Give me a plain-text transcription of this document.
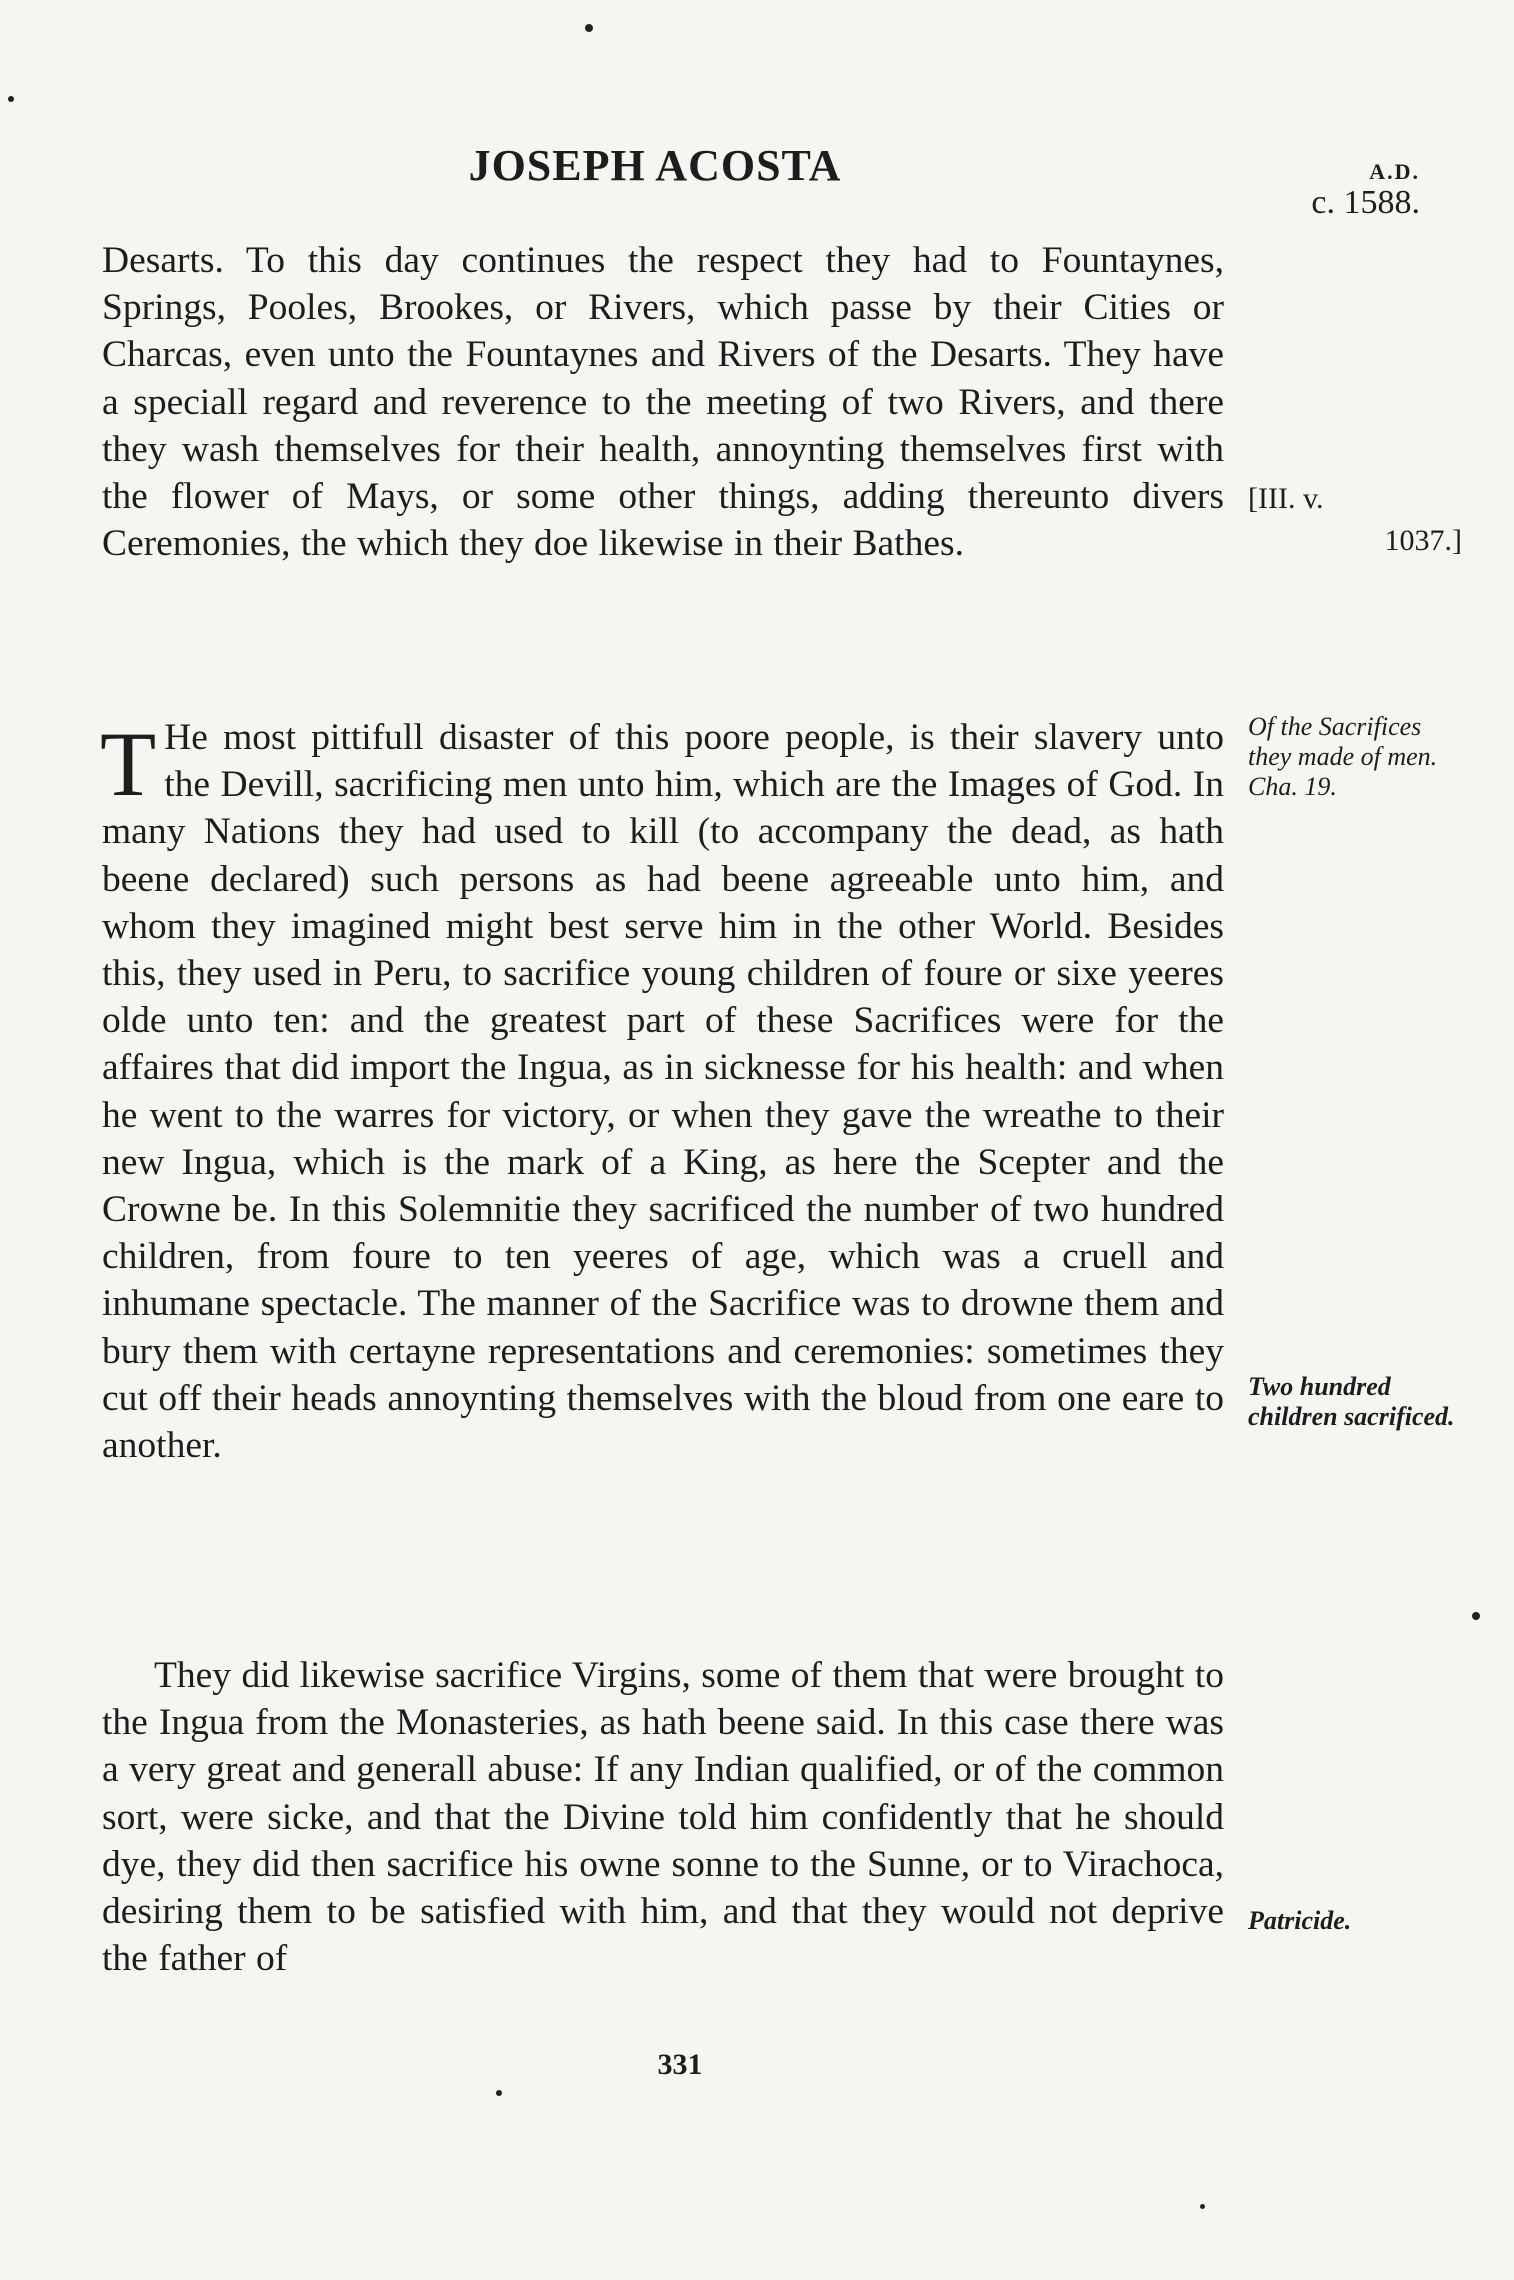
JOSEPH ACOSTA	A.D.
c. 1588.

Desarts. To this day continues the respect they had to Fountaynes, Springs, Pooles, Brookes, or Rivers, which passe by their Cities or Charcas, even unto the Fountaynes and Rivers of the Desarts. They have a speciall regard and reverence to the meeting of two Rivers, and there they wash themselves for their health, annoynting themselves first with the flower of Mays, or some other things, adding thereunto divers Ceremonies, the which they doe likewise in their Bathes.

T He most pittifull disaster of this poore people, is their slavery unto the Devill, sacrificing men unto him, which are the Images of God. In many Nations they had used to kill (to accompany the dead, as hath beene declared) such persons as had beene agreeable unto him, and whom they imagined might best serve him in the other World. Besides this, they used in Peru, to sacrifice young children of foure or sixe yeeres olde unto ten: and the greatest part of these Sacrifices were for the affaires that did import the Ingua, as in sicknesse for his health: and when he went to the warres for victory, or when they gave the wreathe to their new Ingua, which is the mark of a King, as here the Scepter and the Crowne be. In this Solemnitie they sacrificed the number of two hundred children, from foure to ten yeeres of age, which was a cruell and inhumane spectacle. The manner of the Sacrifice was to drowne them and bury them with certayne representations and ceremonies: sometimes they cut off their heads annoynting themselves with the bloud from one eare to another.

They did likewise sacrifice Virgins, some of them that were brought to the Ingua from the Monasteries, as hath beene said. In this case there was a very great and generall abuse: If any Indian qualified, or of the common sort, were sicke, and that the Divine told him confidently that he should dye, they did then sacrifice his owne sonne to the Sunne, or to Virachoca, desiring them to be satisfied with him, and that they would not deprive the father of

[III. v.
1037.]
Of the Sacrifices they made of men. Cha. 19.
Two hundred children sacrificed.
Patricide.
331
